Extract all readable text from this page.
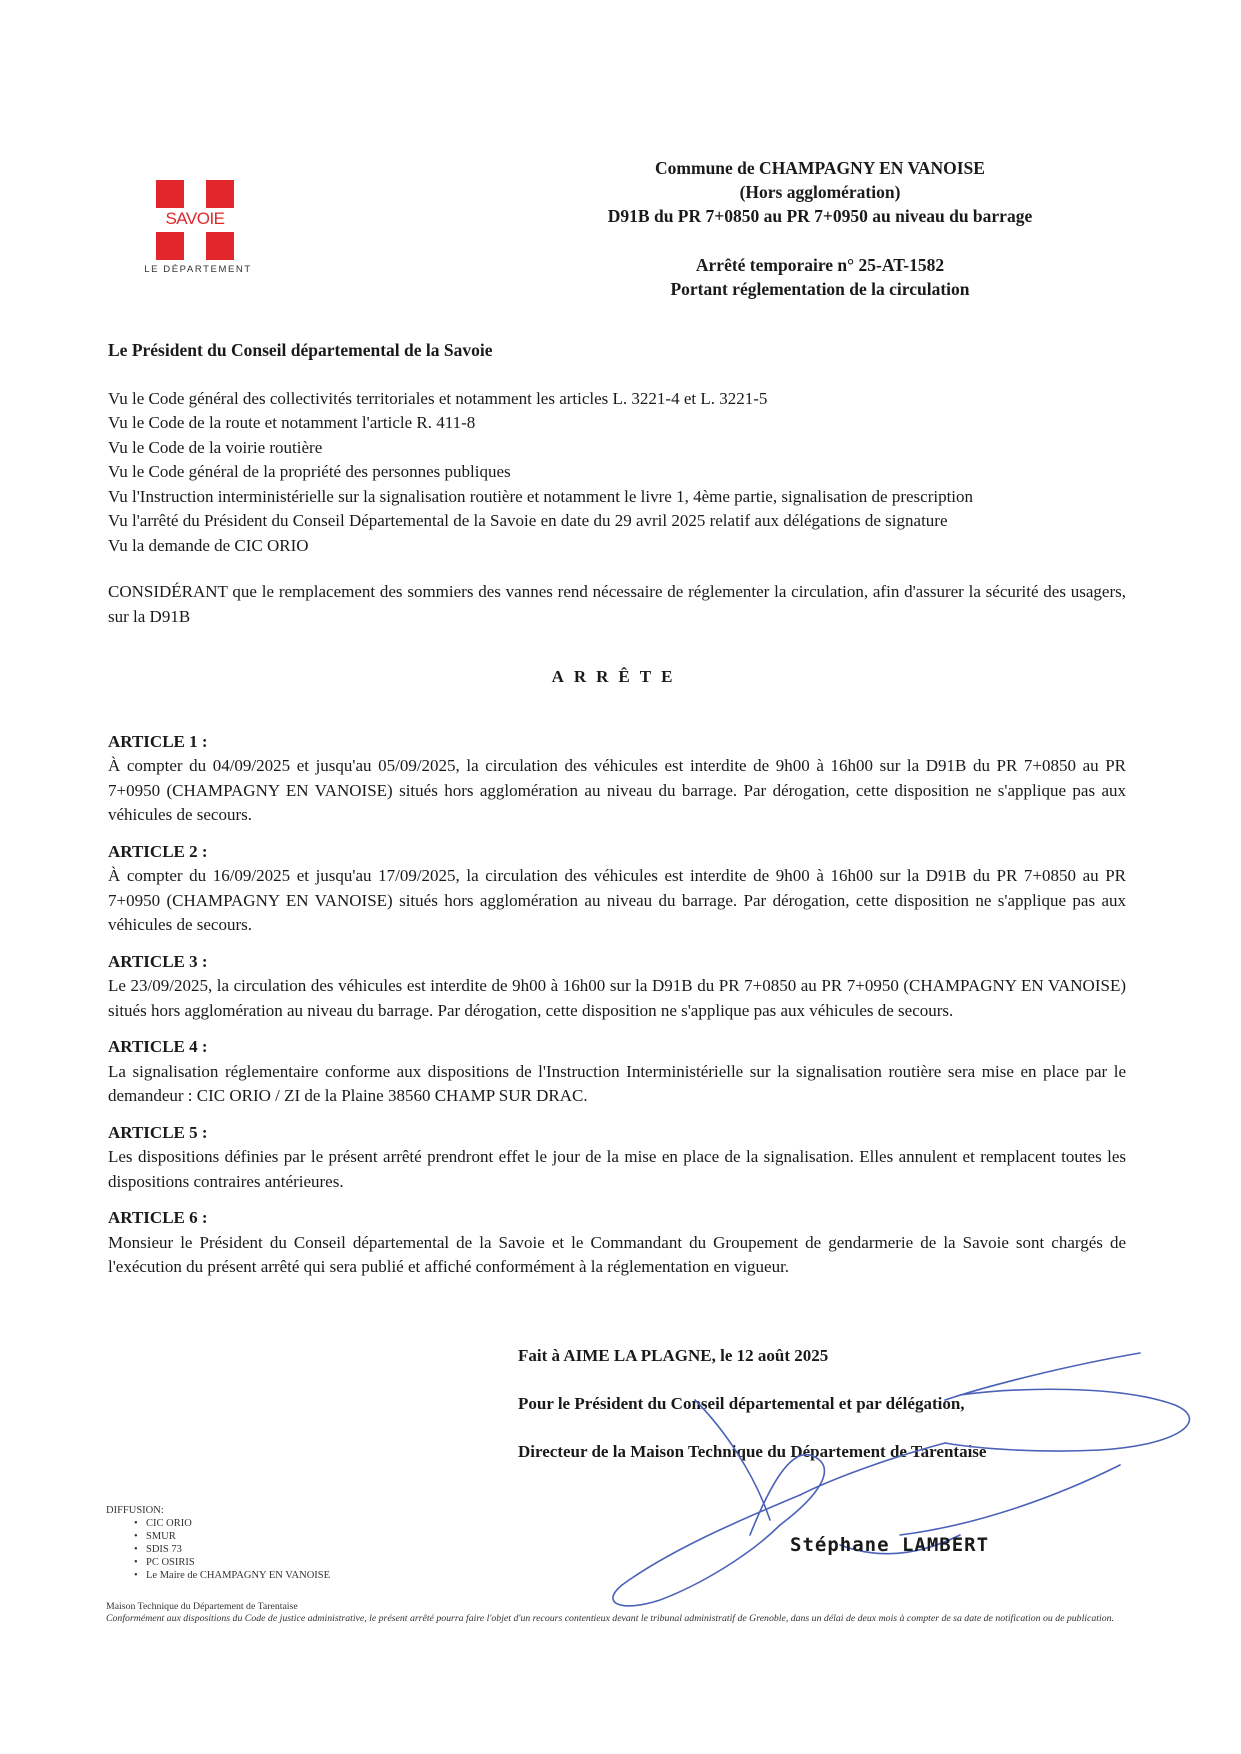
SAVOIE
LE DÉPARTEMENT
Commune de CHAMPAGNY EN VANOISE
(Hors agglomération)
D91B du PR 7+0850 au PR 7+0950 au niveau du barrage
Arrêté temporaire n° 25-AT-1582
Portant réglementation de la circulation

Le Président du Conseil départemental de la Savoie

Vu le Code général des collectivités territoriales et notamment les articles L. 3221-4 et L. 3221-5

Vu le Code de la route et notamment l'article R. 411-8

Vu le Code de la voirie routière

Vu le Code général de la propriété des personnes publiques

Vu l'Instruction interministérielle sur la signalisation routière et notamment le livre 1, 4ème partie, signalisation de prescription

Vu l'arrêté du Président du Conseil Départemental de la Savoie en date du 29 avril 2025 relatif aux délégations de signature

Vu la demande de CIC ORIO

CONSIDÉRANT que le remplacement des sommiers des vannes rend nécessaire de réglementer la circulation, afin d'assurer la sécurité des usagers, sur la D91B

ARRÊTE

ARTICLE 1 :

À compter du 04/09/2025 et jusqu'au 05/09/2025, la circulation des véhicules est interdite de 9h00 à 16h00 sur la D91B du PR 7+0850 au PR 7+0950 (CHAMPAGNY EN VANOISE) situés hors agglomération au niveau du barrage. Par dérogation, cette disposition ne s'applique pas aux véhicules de secours.

ARTICLE 2 :

À compter du 16/09/2025 et jusqu'au 17/09/2025, la circulation des véhicules est interdite de 9h00 à 16h00 sur la D91B du PR 7+0850 au PR 7+0950 (CHAMPAGNY EN VANOISE) situés hors agglomération au niveau du barrage. Par dérogation, cette disposition ne s'applique pas aux véhicules de secours.

ARTICLE 3 :

Le 23/09/2025, la circulation des véhicules est interdite de 9h00 à 16h00 sur la D91B du PR 7+0850 au PR 7+0950 (CHAMPAGNY EN VANOISE) situés hors agglomération au niveau du barrage. Par dérogation, cette disposition ne s'applique pas aux véhicules de secours.

ARTICLE 4 :

La signalisation réglementaire conforme aux dispositions de l'Instruction Interministérielle sur la signalisation routière sera mise en place par le demandeur : CIC ORIO / ZI de la Plaine 38560 CHAMP SUR DRAC.

ARTICLE 5 :

Les dispositions définies par le présent arrêté prendront effet le jour de la mise en place de la signalisation. Elles annulent et remplacent toutes les dispositions contraires antérieures.

ARTICLE 6 :

Monsieur le Président du Conseil départemental de la Savoie et le Commandant du Groupement de gendarmerie de la Savoie sont chargés de l'exécution du présent arrêté qui sera publié et affiché conformément à la réglementation en vigueur.

Fait à AIME LA PLAGNE, le 12 août 2025
Pour le Président du Conseil départemental et par délégation,
Directeur de la Maison Technique du Département de Tarentaise
Stéphane LAMBERT
DIFFUSION:
• CIC ORIO
• SMUR
• SDIS 73
• PC OSIRIS
• Le Maire de CHAMPAGNY EN VANOISE
Maison Technique du Département de Tarentaise
Conformément aux dispositions du Code de justice administrative, le présent arrêté pourra faire l'objet d'un recours contentieux devant le tribunal administratif de Grenoble, dans un délai de deux mois à compter de sa date de notification ou de publication.
